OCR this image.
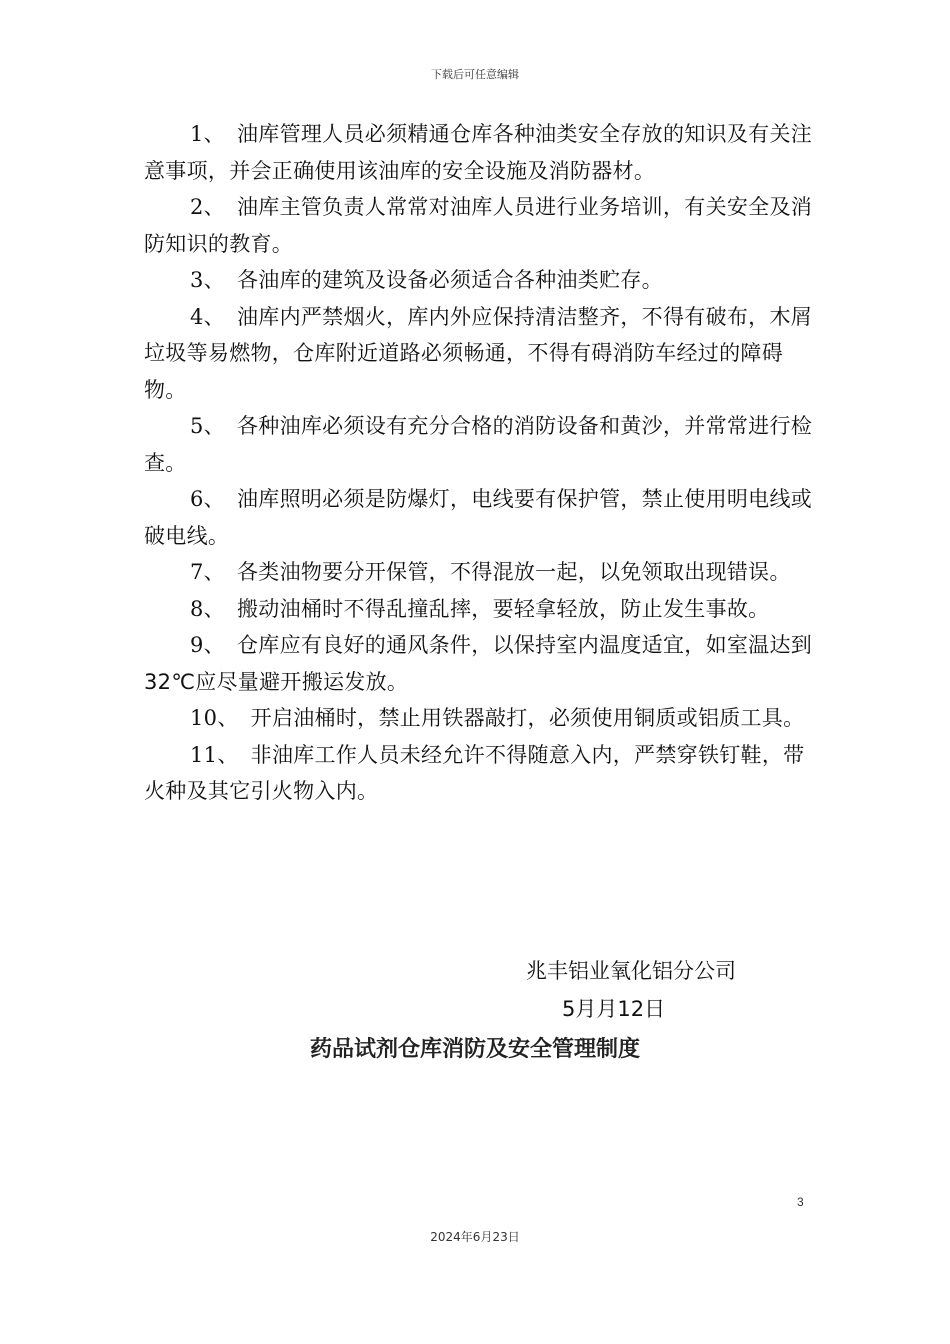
下载后可任意编辑

1、 油库管理人员必须精通仓库各种油类安全存放的知识及有关注意事项，并会正确使用该油库的安全设施及消防器材。

2、 油库主管负责人常常对油库人员进行业务培训，有关安全及消防知识的教育。

3、 各油库的建筑及设备必须适合各种油类贮存。

4、 油库内严禁烟火，库内外应保持清洁整齐，不得有破布，木屑垃圾等易燃物，仓库附近道路必须畅通，不得有碍消防车经过的障碍物。

5、 各种油库必须设有充分合格的消防设备和黄沙，并常常进行检查。

6、 油库照明必须是防爆灯，电线要有保护管，禁止使用明电线或破电线。

7、 各类油物要分开保管，不得混放一起，以免领取出现错误。

8、 搬动油桶时不得乱撞乱摔，要轻拿轻放，防止发生事故。

9、 仓库应有良好的通风条件，以保持室内温度适宜，如室温达到32℃应尽量避开搬运发放。

10、 开启油桶时，禁止用铁器敲打，必须使用铜质或铝质工具。

11、 非油库工作人员未经允许不得随意入内，严禁穿铁钉鞋，带火种及其它引火物入内。

兆丰铝业氧化铝分公司
5月月12日
药品试剂仓库消防及安全管理制度
3
2024年6月23日
